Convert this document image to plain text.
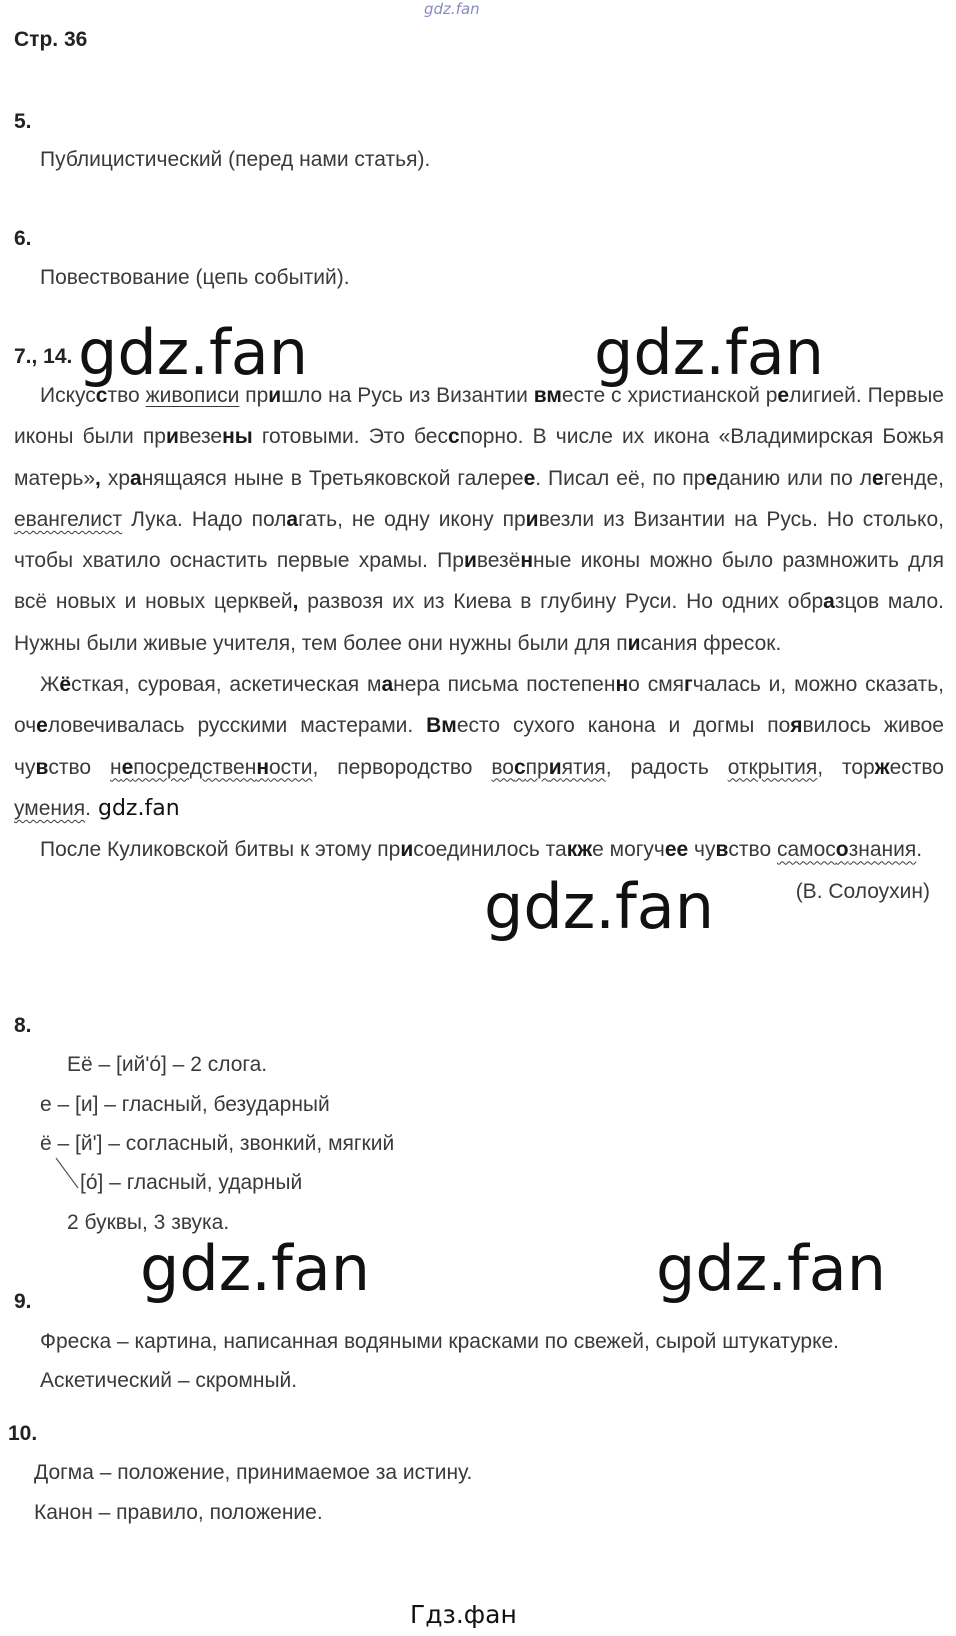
gdz.fan
Стр. 36
5.
Публицистический (перед нами статья).
6.
Повествование (цепь событий).
7., 14.

Искусство живописи пришло на Русь из Византии вместе с христианской религией. Первые иконы были привезены готовыми. Это бесспорно. В числе их икона «Владимирская Божья матерь», хранящаяся ныне в Третьяковской галерее. Писал её, по преданию или по легенде, евангелист Лука. Надо полагать, не одну икону привезли из Византии на Русь. Но столько, чтобы хватило оснастить первые храмы. Привезённые иконы можно было размножить для всё новых и новых церквей, развозя их из Киева в глубину Руси. Но одних образцов мало. Нужны были живые учителя, тем более они нужны были для писания фресок.

Жёсткая, суровая, аскетическая манера письма постепенно смягчалась и, можно сказать, очеловечивалась русскими мастерами. Вместо сухого канона и догмы появилось живое чувство непосредственности, первородство восприятия, радость открытия, торжество умения.

После Куликовской битвы к этому присоединилось также могучее чувство самосознания.

(В. Солоухин)

8.
Её – [ий'о́] – 2 слога.
е – [и] – гласный, безударный
ё – [й'] – согласный, звонкий, мягкий
[о́] – гласный, ударный
2 буквы, 3 звука.
9.
Фреска – картина, написанная водяными красками по свежей, сырой штукатурке.
Аскетический – скромный.
10.
Догма – положение, принимаемое за истину.
Канон – правило, положение.
gdz.fan	gdz.fan
gdz.fan
gdz.fan
gdz.fan	gdz.fan
Гдз.фан
